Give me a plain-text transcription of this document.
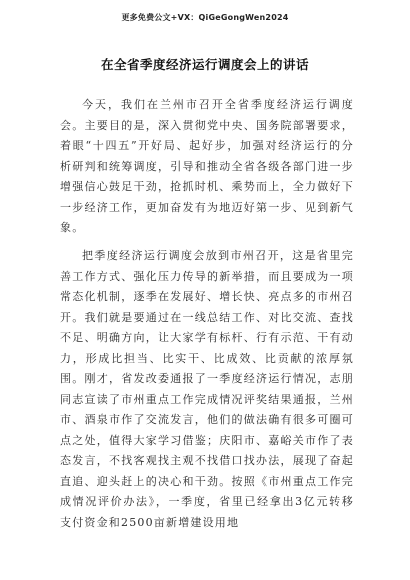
更多免费公文+VX：QiGeGongWen2024
在全省季度经济运行调度会上的讲话

今天，我们在兰州市召开全省季度经济运行调度会。主要目的是，深入贯彻党中央、国务院部署要求，着眼“十四五”开好局、起好步，加强对经济运行的分析研判和统筹调度，引导和推动全省各级各部门进一步增强信心鼓足干劲，抢抓时机、乘势而上，全力做好下一步经济工作，更加奋发有为地迈好第一步、见到新气象。

把季度经济运行调度会放到市州召开，这是省里完善工作方式、强化压力传导的新举措，而且要成为一项常态化机制，逐季在发展好、增长快、亮点多的市州召开。我们就是要通过在一线总结工作、对比交流、查找不足、明确方向，让大家学有标杆、行有示范、干有动力，形成比担当、比实干、比成效、比贡献的浓厚氛围。刚才，省发改委通报了一季度经济运行情况，志朋同志宣读了市州重点工作完成情况评奖结果通报，兰州市、酒泉市作了交流发言，他们的做法确有很多可圈可点之处，值得大家学习借鉴；庆阳市、嘉峪关市作了表态发言，不找客观找主观不找借口找办法，展现了奋起直追、迎头赶上的决心和干劲。按照《市州重点工作完成情况评价办法》，一季度，省里已经拿出3亿元转移支付资金和2500亩新增建设用地
